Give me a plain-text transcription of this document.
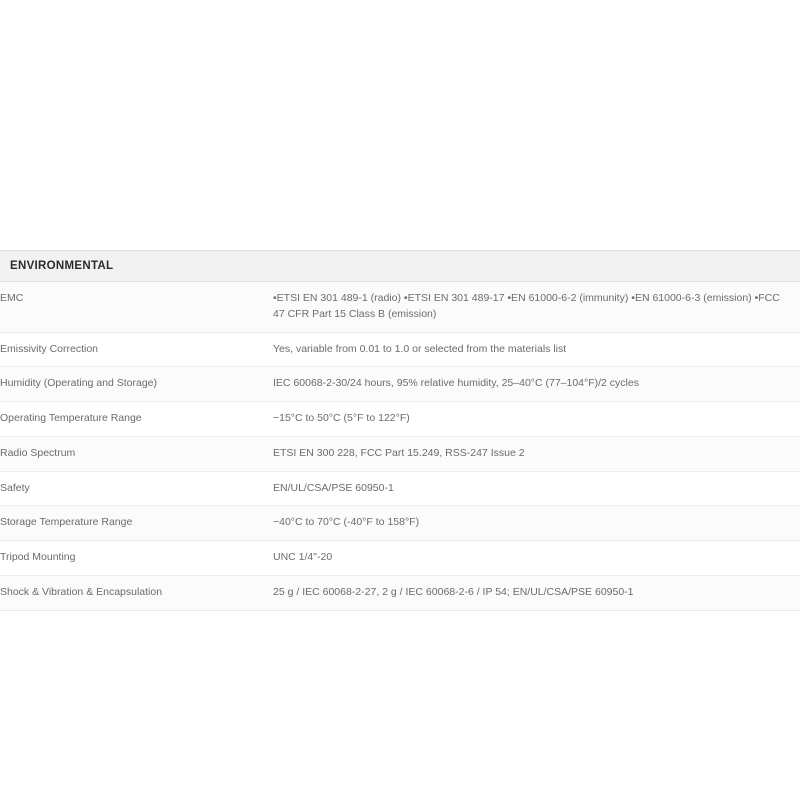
ENVIRONMENTAL
EMC	•ETSI EN 301 489-1 (radio) •ETSI EN 301 489-17 •EN 61000-6-2 (immunity) •EN 61000-6-3 (emission) •FCC 47 CFR Part 15 Class B (emission)
Emissivity Correction	Yes, variable from 0.01 to 1.0 or selected from the materials list
Humidity (Operating and Storage)	IEC 60068-2-30/24 hours, 95% relative humidity, 25–40°C (77–104°F)/2 cycles
Operating Temperature Range	−15°C to 50°C (5°F to 122°F)
Radio Spectrum	ETSI EN 300 228, FCC Part 15.249, RSS-247 Issue 2
Safety	EN/UL/CSA/PSE 60950-1
Storage Temperature Range	−40°C to 70°C (-40°F to 158°F)
Tripod Mounting	UNC 1/4"-20
Shock & Vibration & Encapsulation	25 g / IEC 60068-2-27, 2 g / IEC 60068-2-6 / IP 54; EN/UL/CSA/PSE 60950-1
